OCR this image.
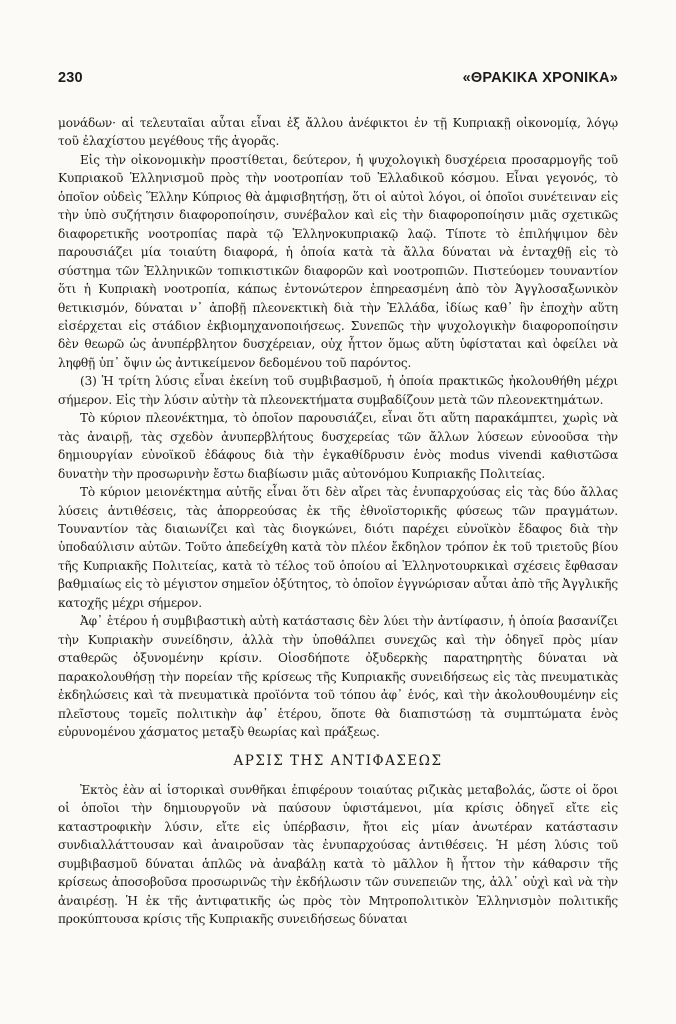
230	«ΘΡΑΚΙΚΑ ΧΡΟΝΙΚΑ»

μονάδων· αἱ τελευταῖαι αὗται εἶναι ἐξ ἄλλου ἀνέφικτοι ἐν τῇ Κυπριακῇ οἰκονομίᾳ, λόγῳ τοῦ ἐλαχίστου μεγέθους τῆς ἀγορᾶς.

Εἰς τὴν οἰκονομικὴν προστίθεται, δεύτερον, ἡ ψυχολογικὴ δυσχέρεια προσαρμογῆς τοῦ Κυπριακοῦ Ἑλληνισμοῦ πρὸς τὴν νοοτροπίαν τοῦ Ἑλλαδικοῦ κόσμου. Εἶναι γεγονός, τὸ ὁποῖον οὐδεὶς Ἕλλην Κύπριος θὰ ἀμφισβητήσῃ, ὅτι οἱ αὐτοὶ λόγοι, οἱ ὁποῖοι συνέτειναν εἰς τὴν ὑπὸ συζήτησιν διαφοροποίησιν, συνέβαλον καὶ εἰς τὴν διαφοροποίησιν μιᾶς σχετικῶς διαφορετικῆς νοοτροπίας παρὰ τῷ Ἑλληνοκυπριακῷ λαῷ. Τίποτε τὸ ἐπιλήψιμον δὲν παρουσιάζει μία τοιαύτη διαφορά, ἡ ὁποία κατὰ τὰ ἄλλα δύναται νὰ ἐνταχθῇ εἰς τὸ σύστημα τῶν Ἑλληνικῶν τοπικιστικῶν διαφορῶν καὶ νοοτροπιῶν. Πιστεύομεν τουναντίον ὅτι ἡ Κυπριακὴ νοοτροπία, κάπως ἐντονώτερον ἐπηρεασμένη ἀπὸ τὸν Ἀγγλοσαξωνικὸν θετικισμόν, δύναται ν᾽ ἀποβῇ πλεονεκτικὴ διὰ τὴν Ἑλλάδα, ἰδίως καθ᾽ ἣν ἐποχὴν αὕτη εἰσέρχεται εἰς στάδιον ἐκβιομηχανοποιήσεως. Συνεπῶς τὴν ψυχολογικὴν διαφοροποίησιν δὲν θεωρῶ ὡς ἀνυπέρβλητον δυσχέρειαν, οὐχ ἧττον ὅμως αὕτη ὑφίσταται καὶ ὀφείλει νὰ ληφθῇ ὑπ᾽ ὄψιν ὡς ἀντικείμενον δεδομένου τοῦ παρόντος.

(3) Ἡ τρίτη λύσις εἶναι ἐκείνη τοῦ συμβιβασμοῦ, ἡ ὁποία πρακτικῶς ἠκολουθήθη μέχρι σήμερον. Εἰς τὴν λύσιν αὐτὴν τὰ πλεονεκτήματα συμβαδίζουν μετὰ τῶν πλεονεκτημάτων.

Τὸ κύριον πλεονέκτημα, τὸ ὁποῖον παρουσιάζει, εἶναι ὅτι αὕτη παρακάμπτει, χωρὶς νὰ τὰς ἀναιρῇ, τὰς σχεδὸν ἀνυπερβλήτους δυσχερείας τῶν ἄλλων λύσεων εὐνοοῦσα τὴν δημιουργίαν εὐνοϊκοῦ ἐδάφους διὰ τὴν ἐγκαθίδρυσιν ἑνὸς modus vivendi καθιστῶσα δυνατὴν τὴν προσωρινὴν ἔστω διαβίωσιν μιᾶς αὐτονόμου Κυπριακῆς Πολιτείας.

Τὸ κύριον μειονέκτημα αὐτῆς εἶναι ὅτι δὲν αἴρει τὰς ἐνυπαρχούσας εἰς τὰς δύο ἄλλας λύσεις ἀντιθέσεις, τὰς ἀπορρεούσας ἐκ τῆς ἐθνοϊστορικῆς φύσεως τῶν πραγμάτων. Τουναντίον τὰς διαιωνίζει καὶ τὰς διογκώνει, διότι παρέχει εὐνοϊκὸν ἔδαφος διὰ τὴν ὑποδαύλισιν αὐτῶν. Τοῦτο ἀπεδείχθη κατὰ τὸν πλέον ἔκδηλον τρόπον ἐκ τοῦ τριετοῦς βίου τῆς Κυπριακῆς Πολιτείας, κατὰ τὸ τέλος τοῦ ὁποίου αἱ Ἑλληνοτουρκικαὶ σχέσεις ἔφθασαν βαθμιαίως εἰς τὸ μέγιστον σημεῖον ὀξύτητος, τὸ ὁποῖον ἐγγνώρισαν αὗται ἀπὸ τῆς Ἀγγλικῆς κατοχῆς μέχρι σήμερον.

Ἀφ᾽ ἑτέρου ἡ συμβιβαστικὴ αὐτὴ κατάστασις δὲν λύει τὴν ἀντίφασιν, ἡ ὁποία βασανίζει τὴν Κυπριακὴν συνείδησιν, ἀλλὰ τὴν ὑποθάλπει συνεχῶς καὶ τὴν ὁδηγεῖ πρὸς μίαν σταθερῶς ὀξυνομένην κρίσιν. Οἱοσδήποτε ὀξυδερκὴς παρατηρητὴς δύναται νὰ παρακολουθήσῃ τὴν πορείαν τῆς κρίσεως τῆς Κυπριακῆς συνειδήσεως εἰς τὰς πνευματικὰς ἐκδηλώσεις καὶ τὰ πνευματικὰ προϊόντα τοῦ τόπου ἀφ᾽ ἑνός, καὶ τὴν ἀκολουθουμένην εἰς πλεῖστους τομεῖς πολιτικὴν ἀφ᾽ ἑτέρου, ὅποτε θὰ διαπιστώσῃ τὰ συμπτώματα ἑνὸς εὐρυνομένου χάσματος μεταξὺ θεωρίας καὶ πράξεως.

ΑΡΣΙΣ ΤΗΣ ΑΝΤΙΦΑΣΕΩΣ

Ἐκτὸς ἐὰν αἱ ἱστορικαὶ συνθῆκαι ἐπιφέρουν τοιαύτας ριζικὰς μεταβολάς, ὥστε οἱ ὅροι οἱ ὁποῖοι τὴν δημιουργοῦν νὰ παύσουν ὑφιστάμενοι, μία κρίσις ὁδηγεῖ εἴτε εἰς καταστροφικὴν λύσιν, εἴτε εἰς ὑπέρβασιν, ἤτοι εἰς μίαν ἀνωτέραν κατάστασιν συνδιαλλάττουσαν καὶ ἀναιροῦσαν τὰς ἐνυπαρχούσας ἀντιθέσεις. Ἡ μέση λύσις τοῦ συμβιβασμοῦ δύναται ἁπλῶς νὰ ἀναβάλῃ κατὰ τὸ μᾶλλον ἢ ἧττον τὴν κάθαρσιν τῆς κρίσεως ἀποσοβοῦσα προσωρινῶς τὴν ἐκδήλωσιν τῶν συνεπειῶν της, ἀλλ᾽ οὐχὶ καὶ νὰ τὴν ἀναιρέσῃ. Ἡ ἐκ τῆς ἀντιφατικῆς ὡς πρὸς τὸν Μητροπολιτικὸν Ἑλληνισμὸν πολιτικῆς προκύπτουσα κρίσις τῆς Κυπριακῆς συνειδήσεως δύναται
